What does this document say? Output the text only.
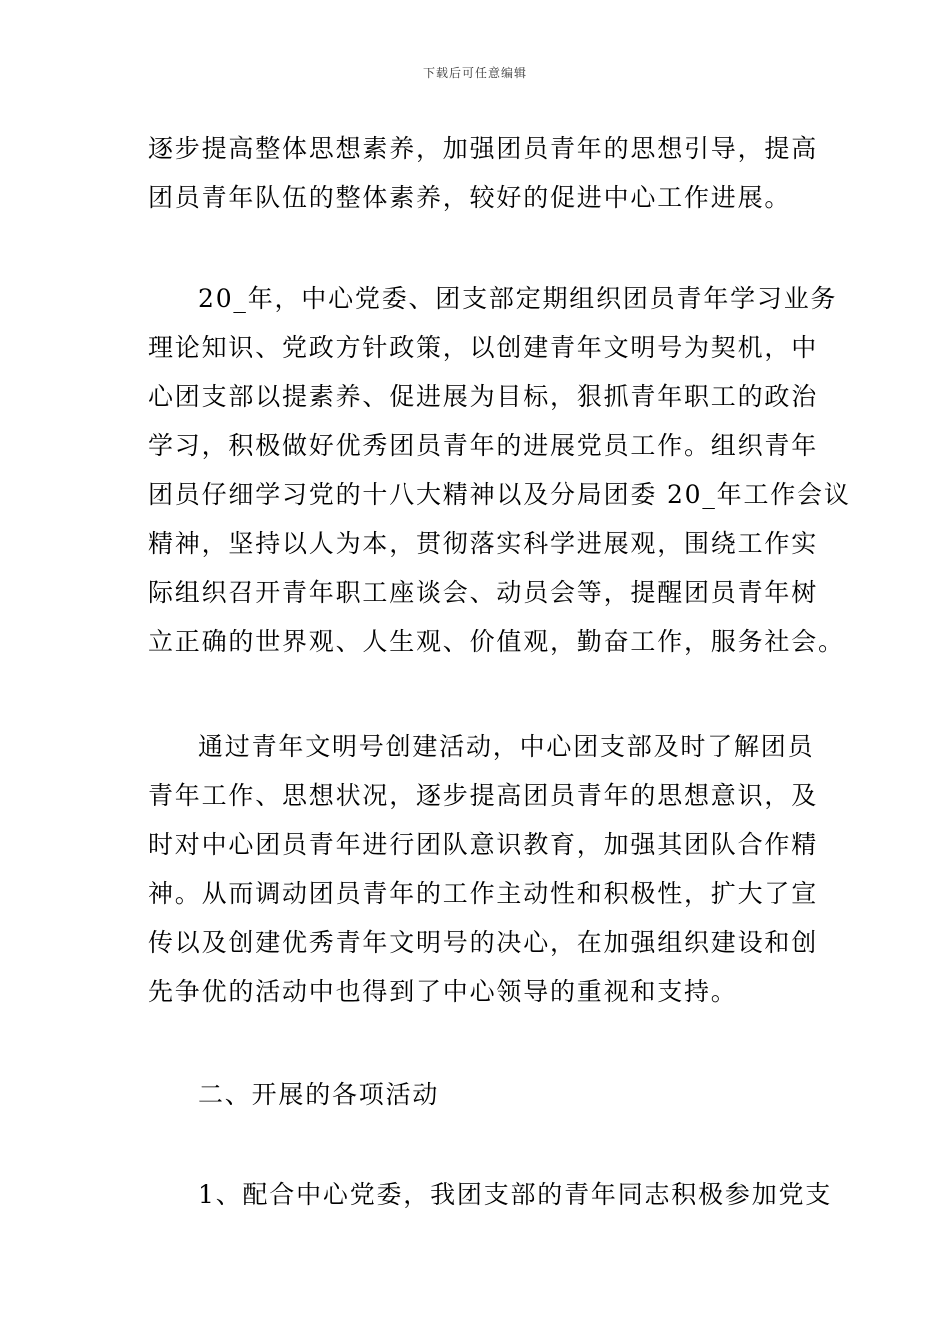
下载后可任意编辑
逐步提高整体思想素养，加强团员青年的思想引导，提高
团员青年队伍的整体素养，较好的促进中心工作进展。
20_年，中心党委、团支部定期组织团员青年学习业务
理论知识、党政方针政策，以创建青年文明号为契机，中
心团支部以提素养、促进展为目标，狠抓青年职工的政治
学习，积极做好优秀团员青年的进展党员工作。组织青年
团员仔细学习党的十八大精神以及分局团委 20_年工作会议
精神，坚持以人为本，贯彻落实科学进展观，围绕工作实
际组织召开青年职工座谈会、动员会等，提醒团员青年树
立正确的世界观、人生观、价值观，勤奋工作，服务社会。
通过青年文明号创建活动，中心团支部及时了解团员
青年工作、思想状况，逐步提高团员青年的思想意识，及
时对中心团员青年进行团队意识教育，加强其团队合作精
神。从而调动团员青年的工作主动性和积极性，扩大了宣
传以及创建优秀青年文明号的决心，在加强组织建设和创
先争优的活动中也得到了中心领导的重视和支持。
二、开展的各项活动
1、配合中心党委，我团支部的青年同志积极参加党支
